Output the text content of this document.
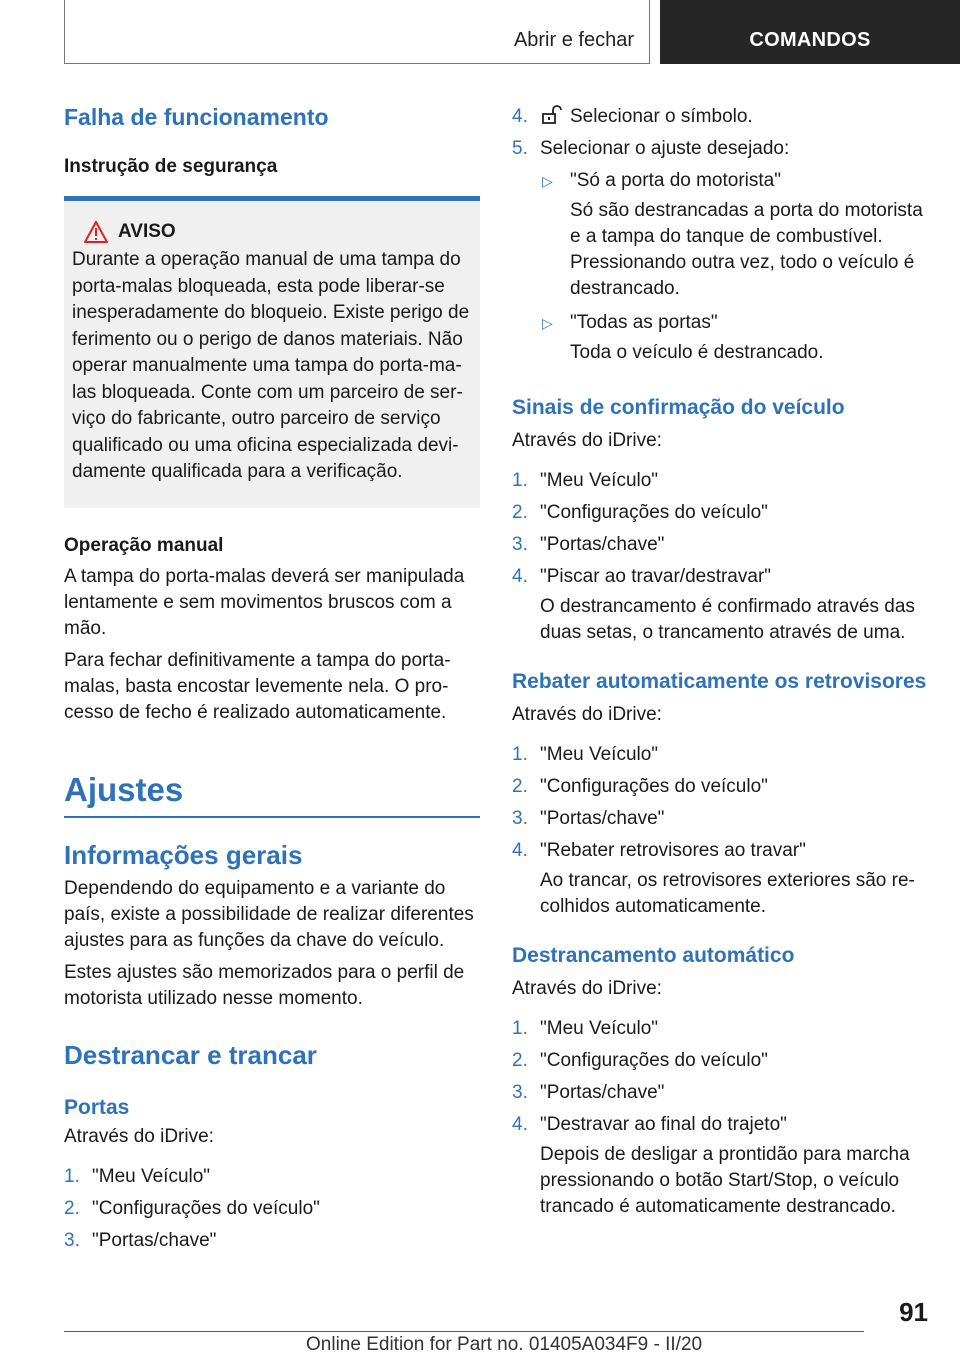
Abrir e fechar	COMANDOS
Falha de funcionamento
Instrução de segurança
AVISO

Durante a operação manual de uma tampa do porta-malas bloqueada, esta pode liberar-se inesperadamente do bloqueio. Existe perigo de ferimento ou o perigo de danos materiais. Não operar manualmente uma tampa do porta-malas bloqueada. Conte com um parceiro de serviço do fabricante, outro parceiro de serviço qualificado ou uma oficina especializada devidamente qualificada para a verificação.

Operação manual

A tampa do porta-malas deverá ser manipulada lentamente e sem movimentos bruscos com a mão.

Para fechar definitivamente a tampa do porta-malas, basta encostar levemente nela. O processo de fecho é realizado automaticamente.

Ajustes
Informações gerais

Dependendo do equipamento e a variante do país, existe a possibilidade de realizar diferentes ajustes para as funções da chave do veículo.

Estes ajustes são memorizados para o perfil de motorista utilizado nesse momento.

Destrancar e trancar
Portas

Através do iDrive:

1. "Meu Veículo"
2. "Configurações do veículo"
3. "Portas/chave"
4. Selecionar o símbolo.
5. Selecionar o ajuste desejado:
▷ "Só a porta do motorista"
Só são destrancadas a porta do motorista e a tampa do tanque de combustível. Pressionando outra vez, todo o veículo é destrancado.
▷ "Todas as portas"
Toda o veículo é destrancado.
Sinais de confirmação do veículo

Através do iDrive:

1. "Meu Veículo"
2. "Configurações do veículo"
3. "Portas/chave"
4. "Piscar ao travar/destravar"
O destrancamento é confirmado através das duas setas, o trancamento através de uma.
Rebater automaticamente os retrovisores

Através do iDrive:

1. "Meu Veículo"
2. "Configurações do veículo"
3. "Portas/chave"
4. "Rebater retrovisores ao travar"
Ao trancar, os retrovisores exteriores são recolhidos automaticamente.
Destrancamento automático

Através do iDrive:

1. "Meu Veículo"
2. "Configurações do veículo"
3. "Portas/chave"
4. "Destravar ao final do trajeto"
Depois de desligar a prontidão para marcha pressionando o botão Start/Stop, o veículo trancado é automaticamente destrancado.
91
Online Edition for Part no. 01405A034F9 - II/20
